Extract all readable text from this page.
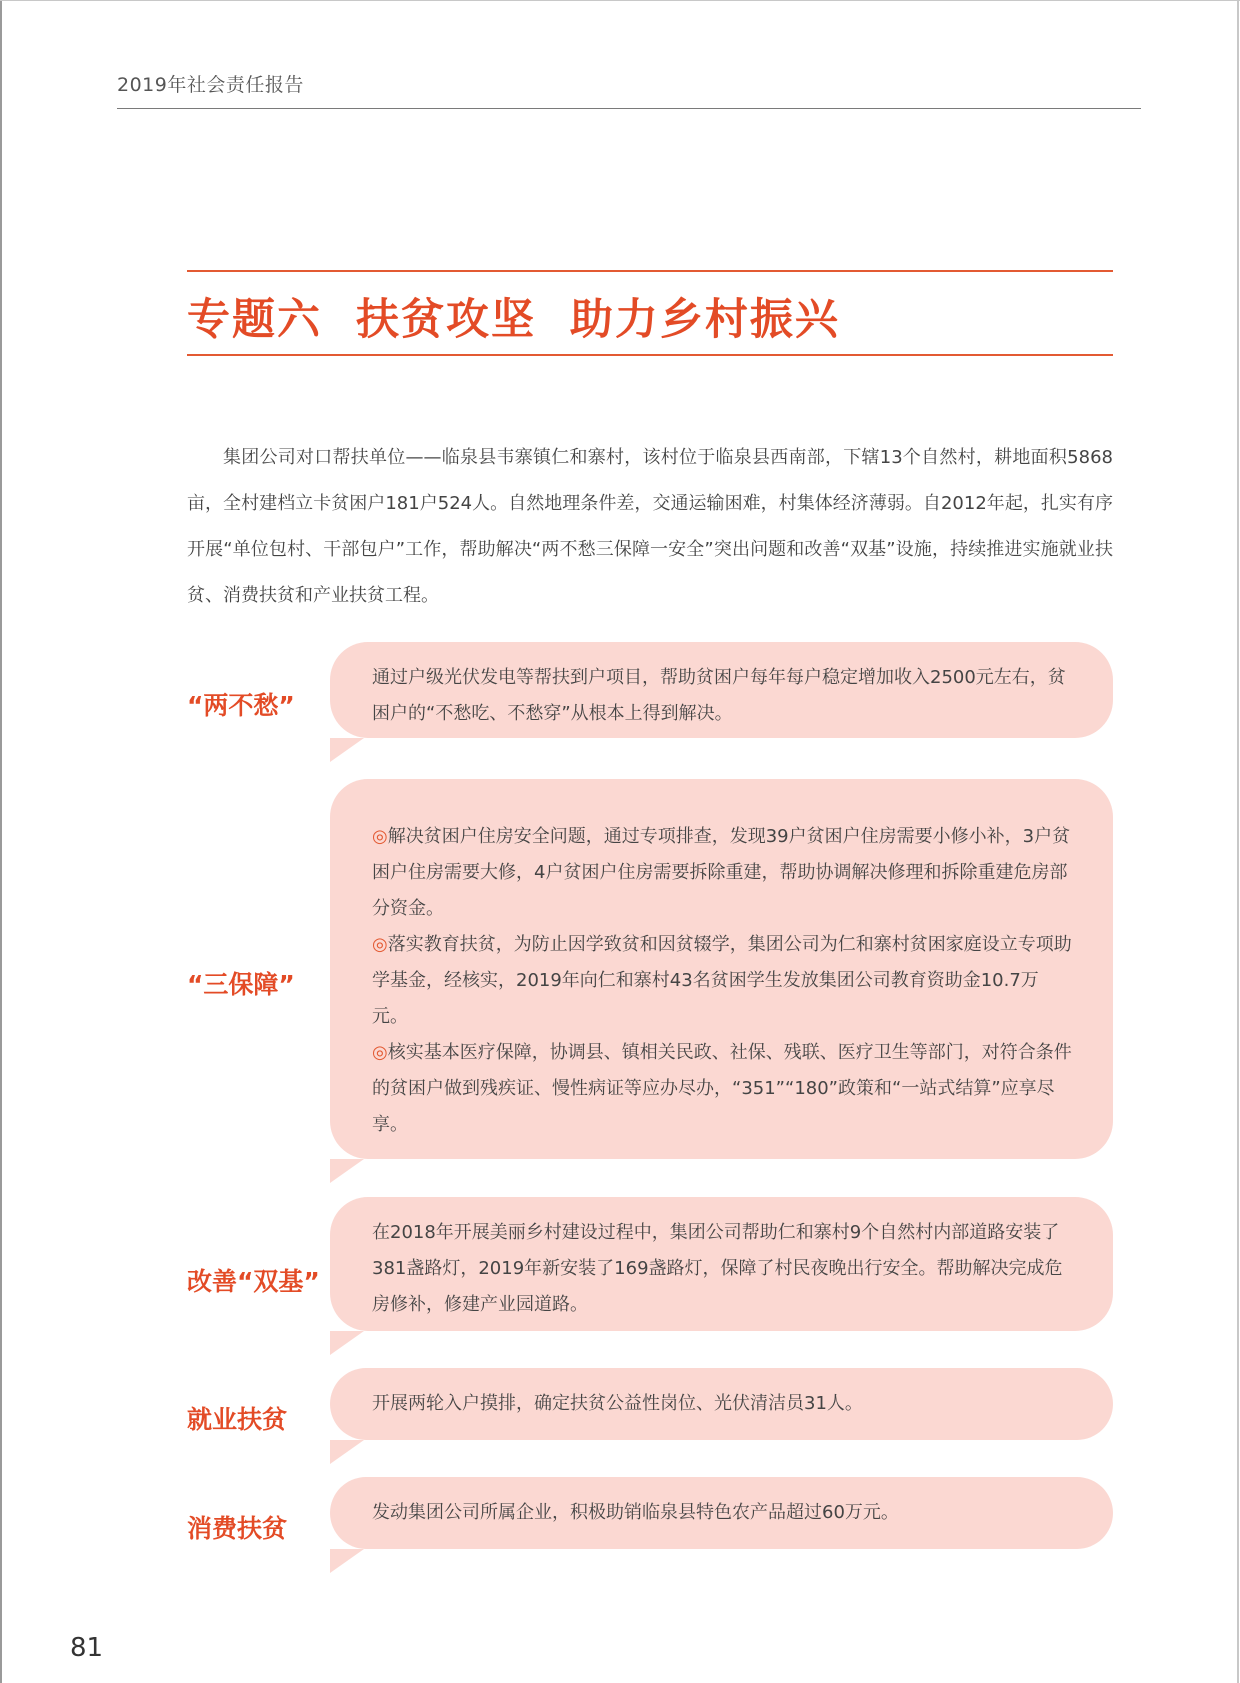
2019年社会责任报告
专题六  扶贫攻坚  助力乡村振兴
集团公司对口帮扶单位——临泉县韦寨镇仁和寨村，该村位于临泉县西南部，下辖13个自然村，耕地面积5868亩，全村建档立卡贫困户181户524人。自然地理条件差，交通运输困难，村集体经济薄弱。自2012年起，扎实有序开展“单位包村、干部包户”工作，帮助解决“两不愁三保障一安全”突出问题和改善“双基”设施，持续推进实施就业扶贫、消费扶贫和产业扶贫工程。
“两不愁”

通过户级光伏发电等帮扶到户项目，帮助贫困户每年每户稳定增加收入2500元左右，贫困户的“不愁吃、不愁穿”从根本上得到解决。

“三保障”

◎解决贫困户住房安全问题，通过专项排查，发现39户贫困户住房需要小修小补，3户贫困户住房需要大修，4户贫困户住房需要拆除重建，帮助协调解决修理和拆除重建危房部分资金。

◎落实教育扶贫，为防止因学致贫和因贫辍学，集团公司为仁和寨村贫困家庭设立专项助学基金，经核实，2019年向仁和寨村43名贫困学生发放集团公司教育资助金10.7万元。

◎核实基本医疗保障，协调县、镇相关民政、社保、残联、医疗卫生等部门，对符合条件的贫困户做到残疾证、慢性病证等应办尽办，“351”“180”政策和“一站式结算”应享尽享。

改善“双基”

在2018年开展美丽乡村建设过程中，集团公司帮助仁和寨村9个自然村内部道路安装了381盏路灯，2019年新安装了169盏路灯，保障了村民夜晚出行安全。帮助解决完成危房修补，修建产业园道路。

就业扶贫

开展两轮入户摸排，确定扶贫公益性岗位、光伏清洁员31人。

消费扶贫

发动集团公司所属企业，积极助销临泉县特色农产品超过60万元。

81
